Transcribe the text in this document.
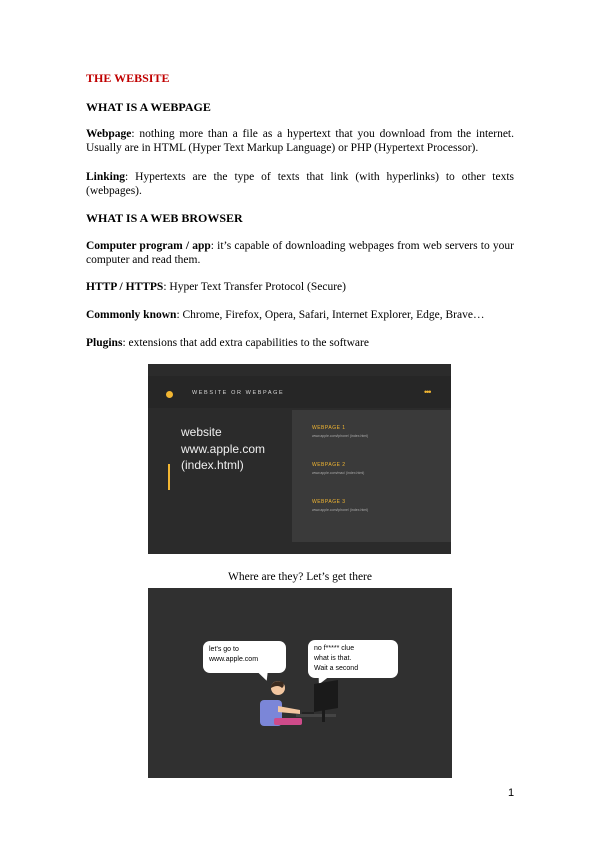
THE WEBSITE
WHAT IS A WEBPAGE
Webpage: nothing more than a file as a hypertext that you download from the internet. Usually are in HTML (Hyper Text Markup Language) or PHP (Hypertext Processor).
Linking: Hypertexts are the type of texts that link (with hyperlinks) to other texts (webpages).
WHAT IS A WEB BROWSER
Computer program / app: it’s capable of downloading webpages from web servers to your computer and read them.
HTTP / HTTPS: Hyper Text Transfer Protocol (Secure)
Commonly known: Chrome, Firefox, Opera, Safari, Internet Explorer, Edge, Brave…
Plugins: extensions that add extra capabilities to the software
WEBSITE OR WEBPAGE	•••
website
www.apple.com
(index.html)
WEBPAGE 1
www.apple.com/iphone/ (index.html)
WEBPAGE 2
www.apple.com/mac/ (index.html)
WEBPAGE 3
www.apple.com/iphone/ (index.html)
Where are they? Let’s get there
let’s go to
www.apple.com
no f***** clue
what is that.
Wait a second
1
